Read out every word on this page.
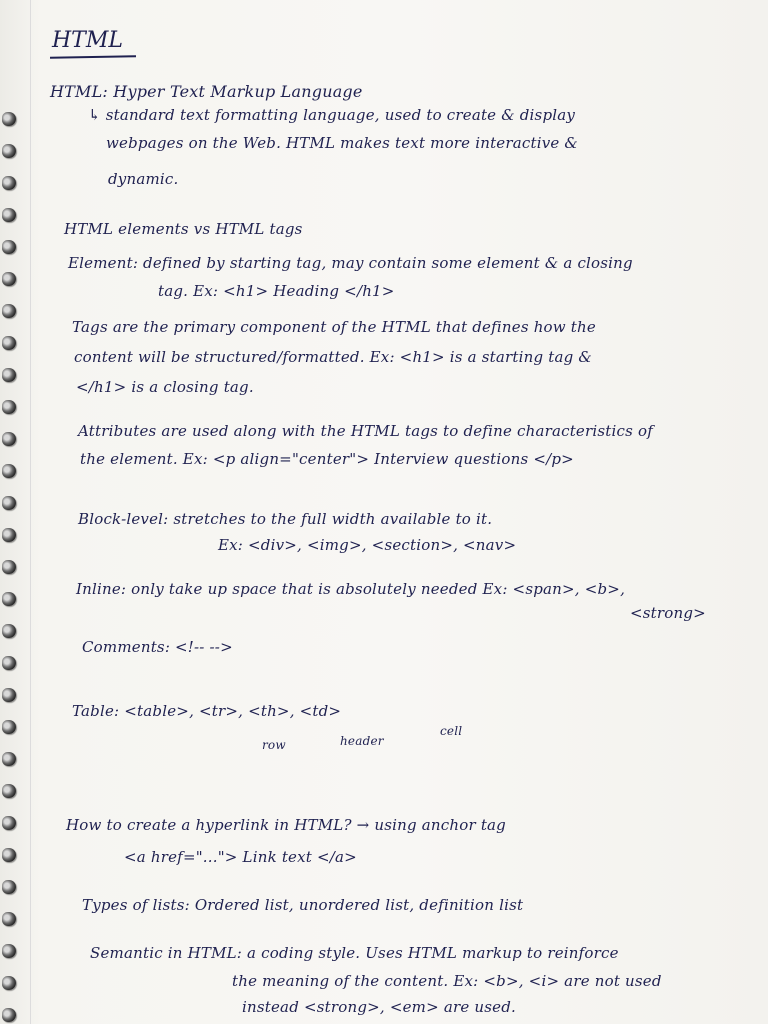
HTML
HTML: Hyper Text Markup Language
↳ standard text formatting language, used to create & display
webpages on the Web. HTML makes text more interactive &
dynamic.
HTML elements vs HTML tags
Element: defined by starting tag, may contain some element & a closing
tag. Ex: <h1> Heading </h1>
Tags are the primary component of the HTML that defines how the
content will be structured/formatted. Ex: <h1> is a starting tag &
</h1> is a closing tag.
Attributes are used along with the HTML tags to define characteristics of
the element. Ex: <p align="center"> Interview questions </p>
Block-level: stretches to the full width available to it.
Ex: <div>, <img>, <section>, <nav>
Inline: only take up space that is absolutely needed Ex: <span>, <b>,
<strong>
Comments: <!-- -->
Table: <table>, <tr>, <th>, <td>
row	header
cell
How to create a hyperlink in HTML? → using anchor tag
<a href="..."> Link text </a>
Types of lists: Ordered list, unordered list, definition list
Semantic in HTML: a coding style. Uses HTML markup to reinforce
the meaning of the content. Ex: <b>, <i> are not used
instead <strong>, <em> are used.
